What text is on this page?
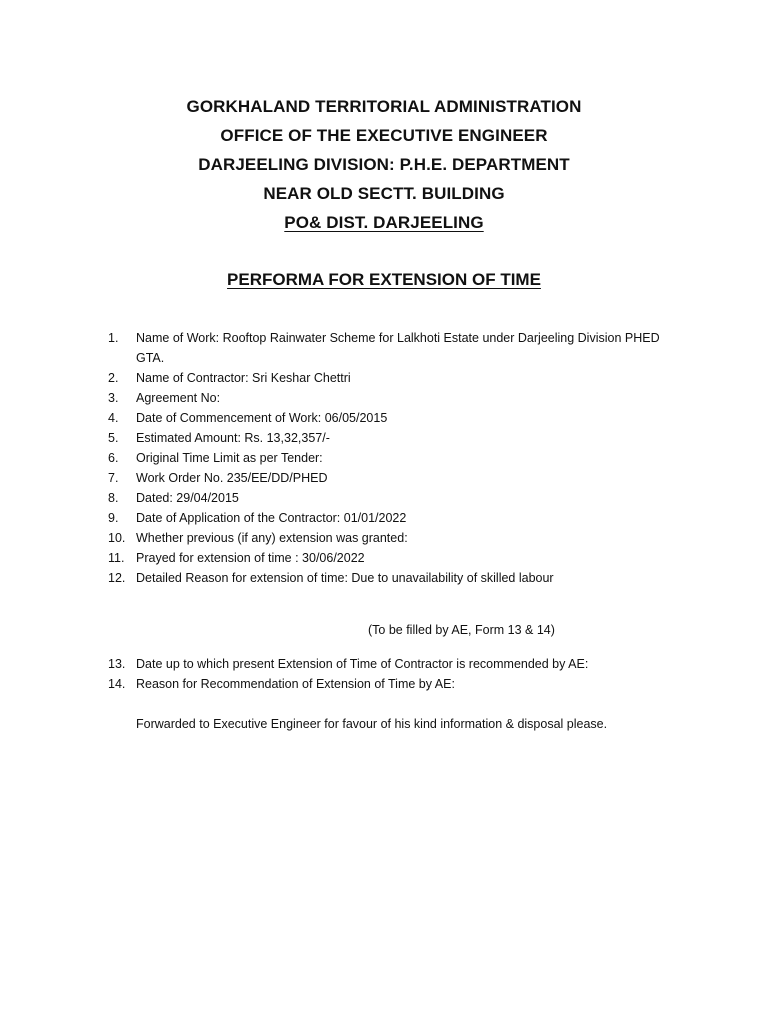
GORKHALAND TERRITORIAL ADMINISTRATION
OFFICE OF THE EXECUTIVE ENGINEER
DARJEELING DIVISION: P.H.E. DEPARTMENT
NEAR OLD SECTT. BUILDING
PO& DIST. DARJEELING
PERFORMA FOR EXTENSION OF TIME
1.	Name of Work: Rooftop Rainwater Scheme for Lalkhoti Estate under Darjeeling Division PHED GTA.
2.	Name of Contractor: Sri Keshar Chettri
3.	Agreement No:
4.	Date of Commencement of Work: 06/05/2015
5.	Estimated Amount: Rs. 13,32,357/-
6.	Original Time Limit as per Tender:
7.	Work Order No. 235/EE/DD/PHED
8.	Dated: 29/04/2015
9.	Date of Application of the Contractor: 01/01/2022
10. Whether previous (if any) extension was granted:
11. Prayed for extension of time : 30/06/2022
12. Detailed Reason for extension of time: Due to unavailability of skilled labour
(To be filled by AE, Form 13 & 14)
13. Date up to which present Extension of Time of Contractor is recommended by AE:
14. Reason for Recommendation of Extension of Time by AE:
Forwarded to Executive Engineer for favour of his kind information & disposal please.
